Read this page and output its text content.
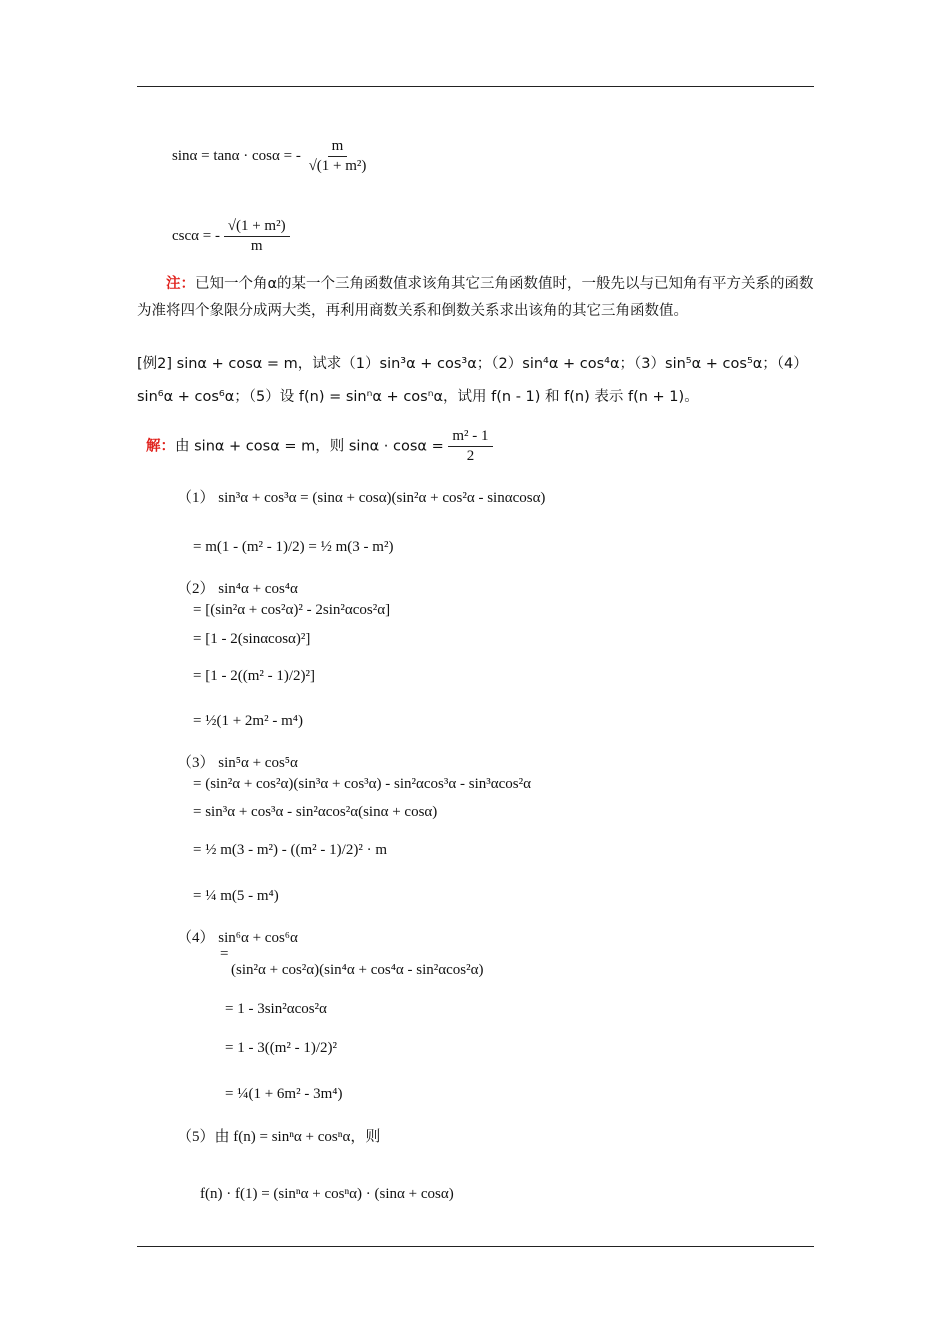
sinα = tanα · cosα = - $\frac{m}{\text{√(1 + m²)}}$
cscα = - $\frac{\text{√(1 + m²)}}{m}$
注：已知一个角α的某一个三角函数值求该角其它三角函数值时，一般先以与已知角有平方关系的函数为准将四个象限分成两大类，再利用商数关系和倒数关系求出该角的其它三角函数值。
[例2] sinα + cosα = m，试求（1）sin³α + cos³α；（2）sin⁴α + cos⁴α；（3）sin⁵α + cos⁵α；（4）
sin⁶α + cos⁶α；（5）设 f(n) = sinⁿα + cosⁿα，试用 f(n - 1) 和 f(n) 表示 f(n + 1)。
解：由 sinα + cosα = m，则 $\sin\alpha \cdot \cos\alpha = \frac{\text{m² - 1}}{2}$
（1） sin³α + cos³α = (sinα + cosα)(sin²α + cos²α - sinαcosα)
= m(1 - (m² - 1)/2) = ½ m(3 - m²)
（2） sin⁴α + cos⁴α
= [(sin²α + cos²α)² - 2sin²αcos²α]
= [1 - 2(sinαcosα)²]
= [1 - 2((m² - 1)/2)²]
= ½(1 + 2m² - m⁴)
（3） sin⁵α + cos⁵α
= (sin²α + cos²α)(sin³α + cos³α) - sin²αcos³α - sin³αcos²α
= sin³α + cos³α - sin²αcos²α(sinα + cosα)
= ½ m(3 - m²) - ((m² - 1)/2)² · m
= ¼ m(5 - m⁴)
（4） sin⁶α + cos⁶α
=
(sin²α + cos²α)(sin⁴α + cos⁴α - sin²αcos²α)
= 1 - 3sin²αcos²α
= 1 - 3((m² - 1)/2)²
= ¼(1 + 6m² - 3m⁴)
（5）由 f(n) = sinⁿα + cosⁿα，则
f(n) · f(1) = (sinⁿα + cosⁿα) · (sinα + cosα)
